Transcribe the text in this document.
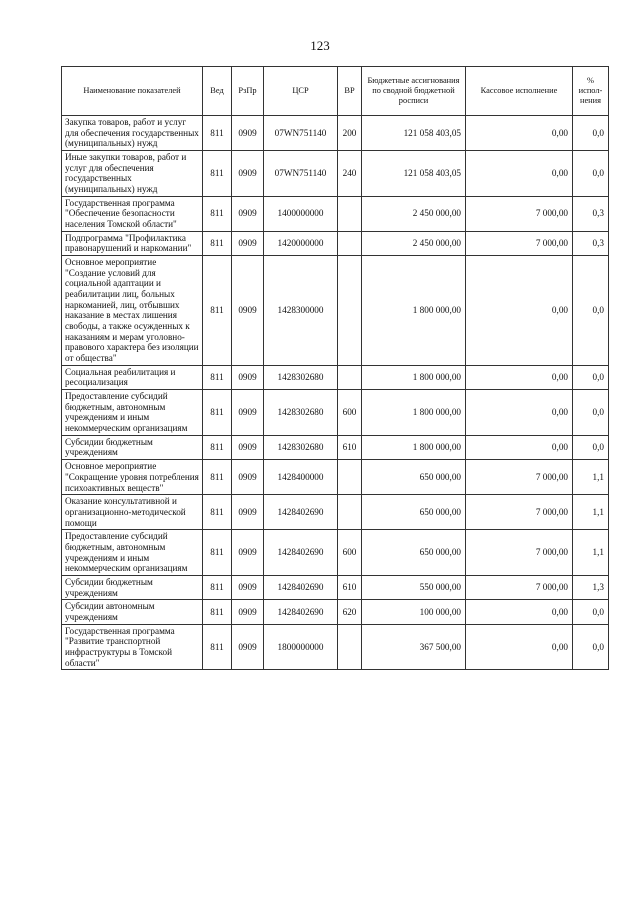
123
Наименование показателей	Вед	РзПр	ЦСР	ВР	Бюджетные ассигнования по сводной бюджетной росписи	Кассовое исполнение	% испол-нения
Закупка товаров, работ и услуг для обеспечения государственных (муниципальных) нужд	811	0909	07WN751140	200	121 058 403,05	0,00	0,0
Иные закупки товаров, работ и услуг для обеспечения государственных (муниципальных) нужд	811	0909	07WN751140	240	121 058 403,05	0,00	0,0
Государственная программа "Обеспечение безопасности населения Томской области"	811	0909	1400000000		2 450 000,00	7 000,00	0,3
Подпрограмма "Профилактика правонарушений и наркомании"	811	0909	1420000000		2 450 000,00	7 000,00	0,3
Основное мероприятие "Создание условий для социальной адаптации и реабилитации лиц, больных наркоманией, лиц, отбывших наказание в местах лишения свободы, а также осужденных к наказаниям и мерам уголовно-правового характера без изоляции от общества"	811	0909	1428300000		1 800 000,00	0,00	0,0
Социальная реабилитация и ресоциализация	811	0909	1428302680		1 800 000,00	0,00	0,0
Предоставление субсидий бюджетным, автономным учреждениям и иным некоммерческим организациям	811	0909	1428302680	600	1 800 000,00	0,00	0,0
Субсидии бюджетным учреждениям	811	0909	1428302680	610	1 800 000,00	0,00	0,0
Основное мероприятие "Сокращение уровня потребления психоактивных веществ"	811	0909	1428400000		650 000,00	7 000,00	1,1
Оказание консультативной и организационно-методической помощи	811	0909	1428402690		650 000,00	7 000,00	1,1
Предоставление субсидий бюджетным, автономным учреждениям и иным некоммерческим организациям	811	0909	1428402690	600	650 000,00	7 000,00	1,1
Субсидии бюджетным учреждениям	811	0909	1428402690	610	550 000,00	7 000,00	1,3
Субсидии автономным учреждениям	811	0909	1428402690	620	100 000,00	0,00	0,0
Государственная программа "Развитие транспортной инфраструктуры в Томской области"	811	0909	1800000000		367 500,00	0,00	0,0
